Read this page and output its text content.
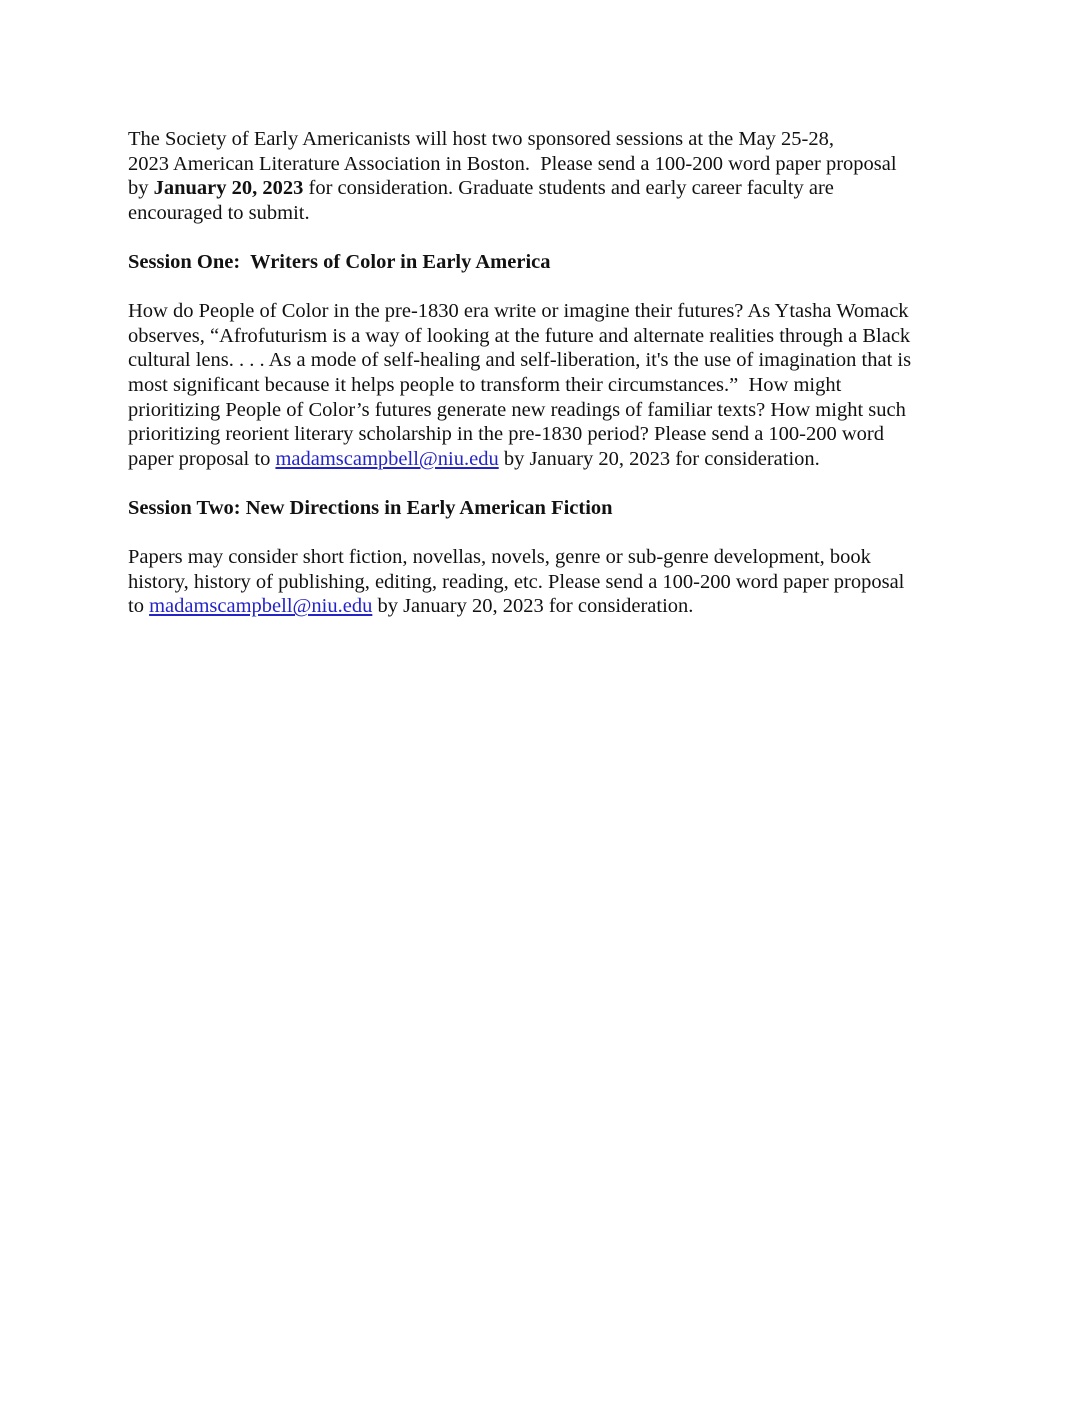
The Society of Early Americanists will host two sponsored sessions at the May 25-28,
2023 American Literature Association in Boston.  Please send a 100-200 word paper proposal
by January 20, 2023 for consideration. Graduate students and early career faculty are
encouraged to submit.
Session One:  Writers of Color in Early America
How do People of Color in the pre-1830 era write or imagine their futures? As Ytasha Womack
observes, “Afrofuturism is a way of looking at the future and alternate realities through a Black
cultural lens. . . . As a mode of self-healing and self-liberation, it's the use of imagination that is
most significant because it helps people to transform their circumstances.”  How might
prioritizing People of Color’s futures generate new readings of familiar texts? How might such
prioritizing reorient literary scholarship in the pre-1830 period? Please send a 100-200 word
paper proposal to madamscampbell@niu.edu by January 20, 2023 for consideration.
Session Two: New Directions in Early American Fiction
Papers may consider short fiction, novellas, novels, genre or sub-genre development, book
history, history of publishing, editing, reading, etc. Please send a 100-200 word paper proposal
to madamscampbell@niu.edu by January 20, 2023 for consideration.
